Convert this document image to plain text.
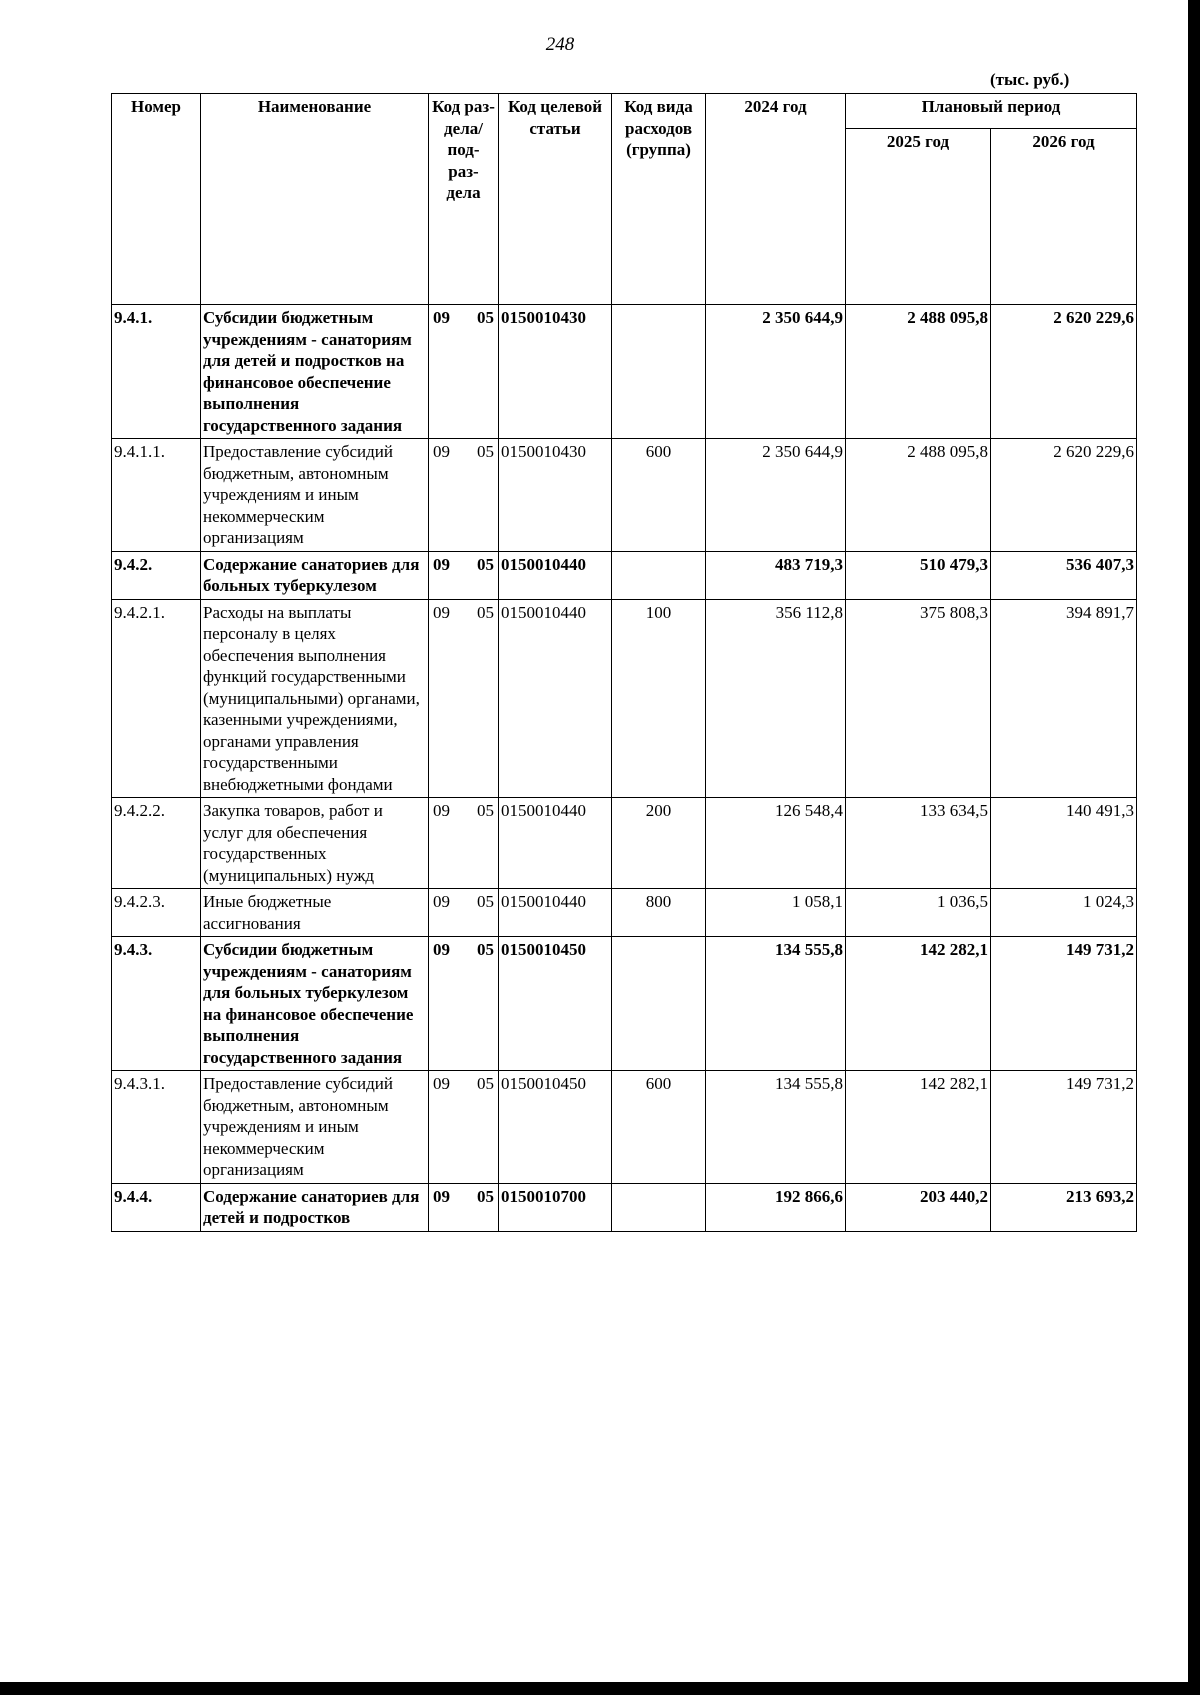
248
(тыс. руб.)
Номер	Наименование	Код раз- дела/ под- раз- дела	Код целевой статьи	Код вида расходов (группа)	2024 год	Плановый период	
						2025 год	2026 год
9.4.1.	Субсидии бюджетным учреждениям - санаториям для детей и подростков на финансовое обеспечение выполнения государственного задания	09 05	0150010430		2 350 644,9	2 488 095,8	2 620 229,6
9.4.1.1.	Предоставление субсидий бюджетным, автономным учреждениям и иным некоммерческим организациям	09 05	0150010430	600	2 350 644,9	2 488 095,8	2 620 229,6
9.4.2.	Содержание санаториев для больных туберкулезом	09 05	0150010440		483 719,3	510 479,3	536 407,3
9.4.2.1.	Расходы на выплаты персоналу в целях обеспечения выполнения функций государственными (муниципальными) органами, казенными учреждениями, органами управления государственными внебюджетными фондами	09 05	0150010440	100	356 112,8	375 808,3	394 891,7
9.4.2.2.	Закупка товаров, работ и услуг для обеспечения государственных (муниципальных) нужд	09 05	0150010440	200	126 548,4	133 634,5	140 491,3
9.4.2.3.	Иные бюджетные ассигнования	09 05	0150010440	800	1 058,1	1 036,5	1 024,3
9.4.3.	Субсидии бюджетным учреждениям - санаториям для больных туберкулезом на финансовое обеспечение выполнения государственного задания	09 05	0150010450		134 555,8	142 282,1	149 731,2
9.4.3.1.	Предоставление субсидий бюджетным, автономным учреждениям и иным некоммерческим организациям	09 05	0150010450	600	134 555,8	142 282,1	149 731,2
9.4.4.	Содержание санаториев для детей и подростков	09 05	0150010700		192 866,6	203 440,2	213 693,2
